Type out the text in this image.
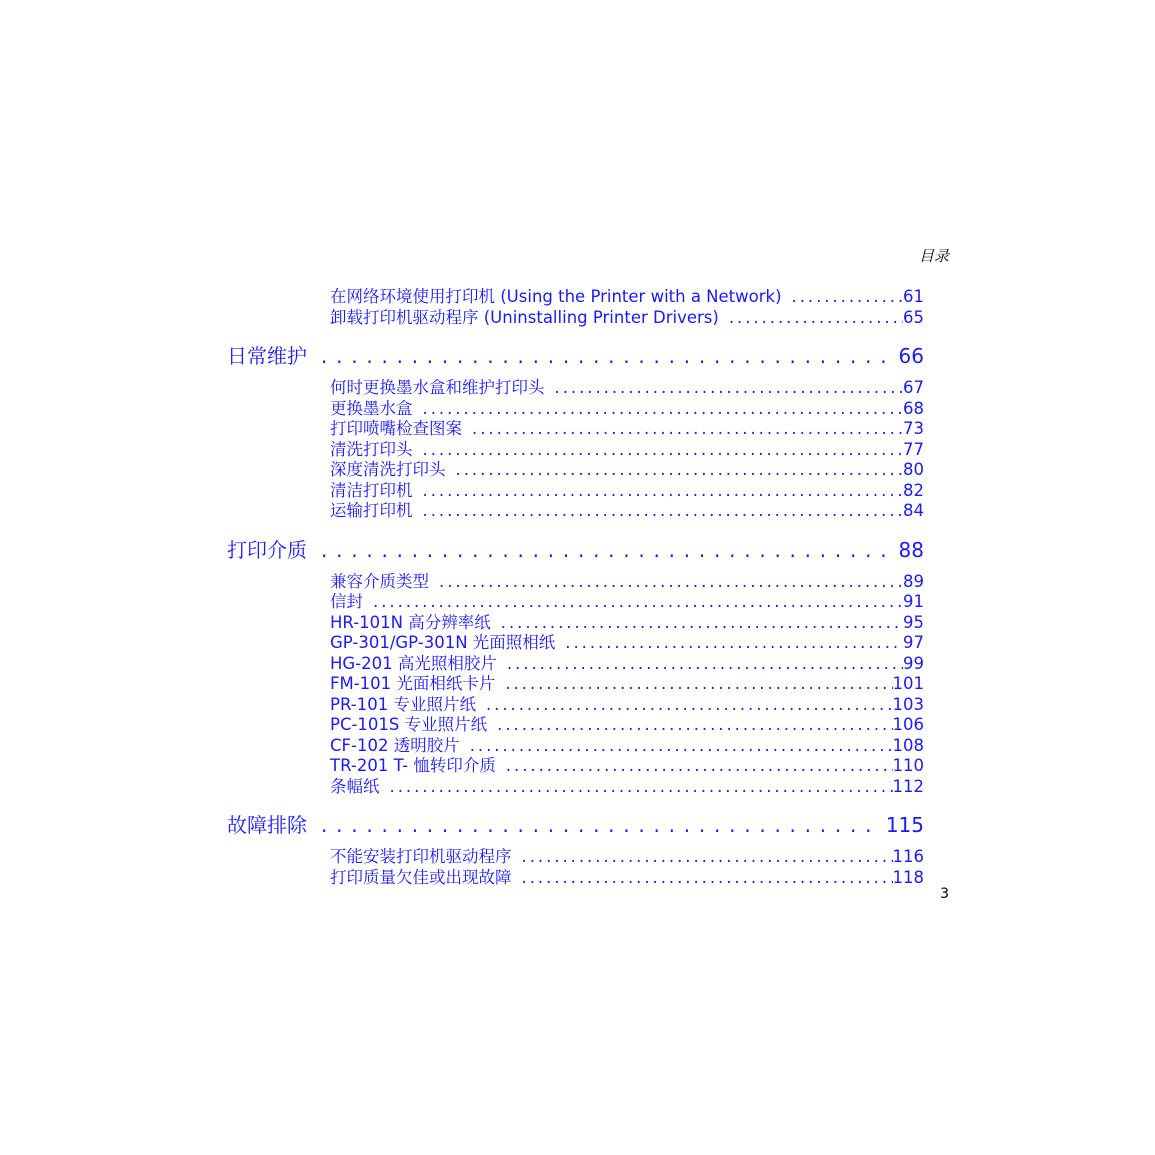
目录
在网络环境使用打印机 (Using the Printer with a Network) . . .	61
卸载打印机驱动程序 (Uninstalling Printer Drivers) . . .	65
日常维护 . . .	66
何时更换墨水盒和维护打印头 . . .	67
更换墨水盒 . . .	68
打印喷嘴检查图案 . . .	73
清洗打印头 . . .	77
深度清洗打印头 . . .	80
清洁打印机 . . .	82
运输打印机 . . .	84
打印介质 . . .	88
兼容介质类型 . . .	89
信封 . . .	91
HR-101N 高分辨率纸 . . .	95
GP-301/GP-301N 光面照相纸 . . .	97
HG-201 高光照相胶片 . . .	99
FM-101 光面相纸卡片 . . .	101
PR-101 专业照片纸 . . .	103
PC-101S 专业照片纸 . . .	106
CF-102 透明胶片 . . .	108
TR-201 T- 恤转印介质 . . .	110
条幅纸 . . .	112
故障排除 . . .	115
不能安装打印机驱动程序 . . .	116
打印质量欠佳或出现故障 . . .	118
3
